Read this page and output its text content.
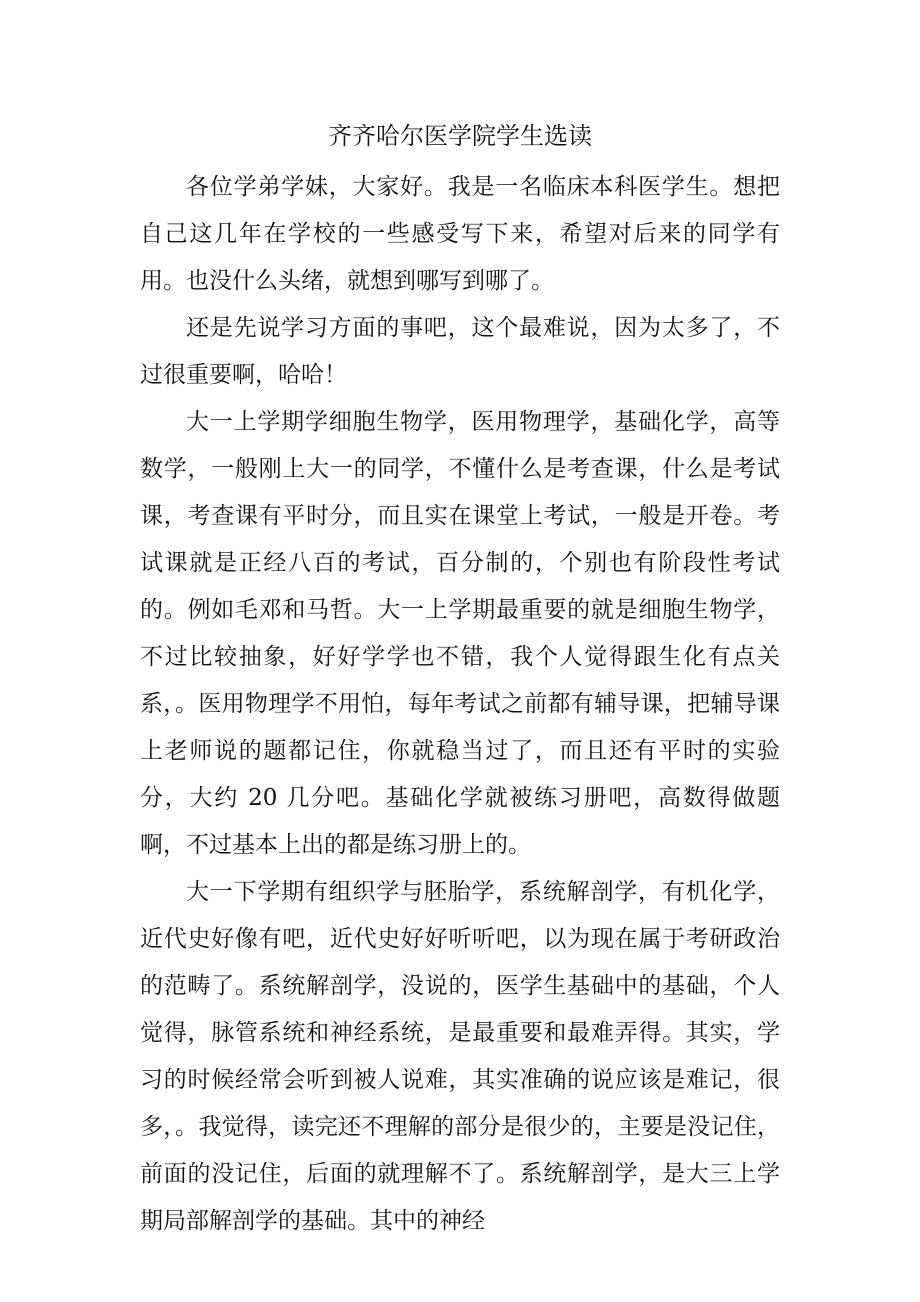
齐齐哈尔医学院学生选读

各位学弟学妹，大家好。我是一名临床本科医学生。想把自己这几年在学校的一些感受写下来，希望对后来的同学有用。也没什么头绪，就想到哪写到哪了。

还是先说学习方面的事吧，这个最难说，因为太多了，不过很重要啊，哈哈！

大一上学期学细胞生物学，医用物理学，基础化学，高等数学，一般刚上大一的同学，不懂什么是考查课，什么是考试课，考查课有平时分，而且实在课堂上考试，一般是开卷。考试课就是正经八百的考试，百分制的，个别也有阶段性考试的。例如毛邓和马哲。大一上学期最重要的就是细胞生物学，不过比较抽象，好好学学也不错，我个人觉得跟生化有点关系，。医用物理学不用怕，每年考试之前都有辅导课，把辅导课上老师说的题都记住，你就稳当过了，而且还有平时的实验分，大约 20 几分吧。基础化学就被练习册吧，高数得做题啊，不过基本上出的都是练习册上的。

大一下学期有组织学与胚胎学，系统解剖学，有机化学，近代史好像有吧，近代史好好听听吧，以为现在属于考研政治的范畴了。系统解剖学，没说的，医学生基础中的基础，个人觉得，脉管系统和神经系统，是最重要和最难弄得。其实，学习的时候经常会听到被人说难，其实准确的说应该是难记，很多，。我觉得，读完还不理解的部分是很少的，主要是没记住，前面的没记住，后面的就理解不了。系统解剖学，是大三上学期局部解剖学的基础。其中的神经
